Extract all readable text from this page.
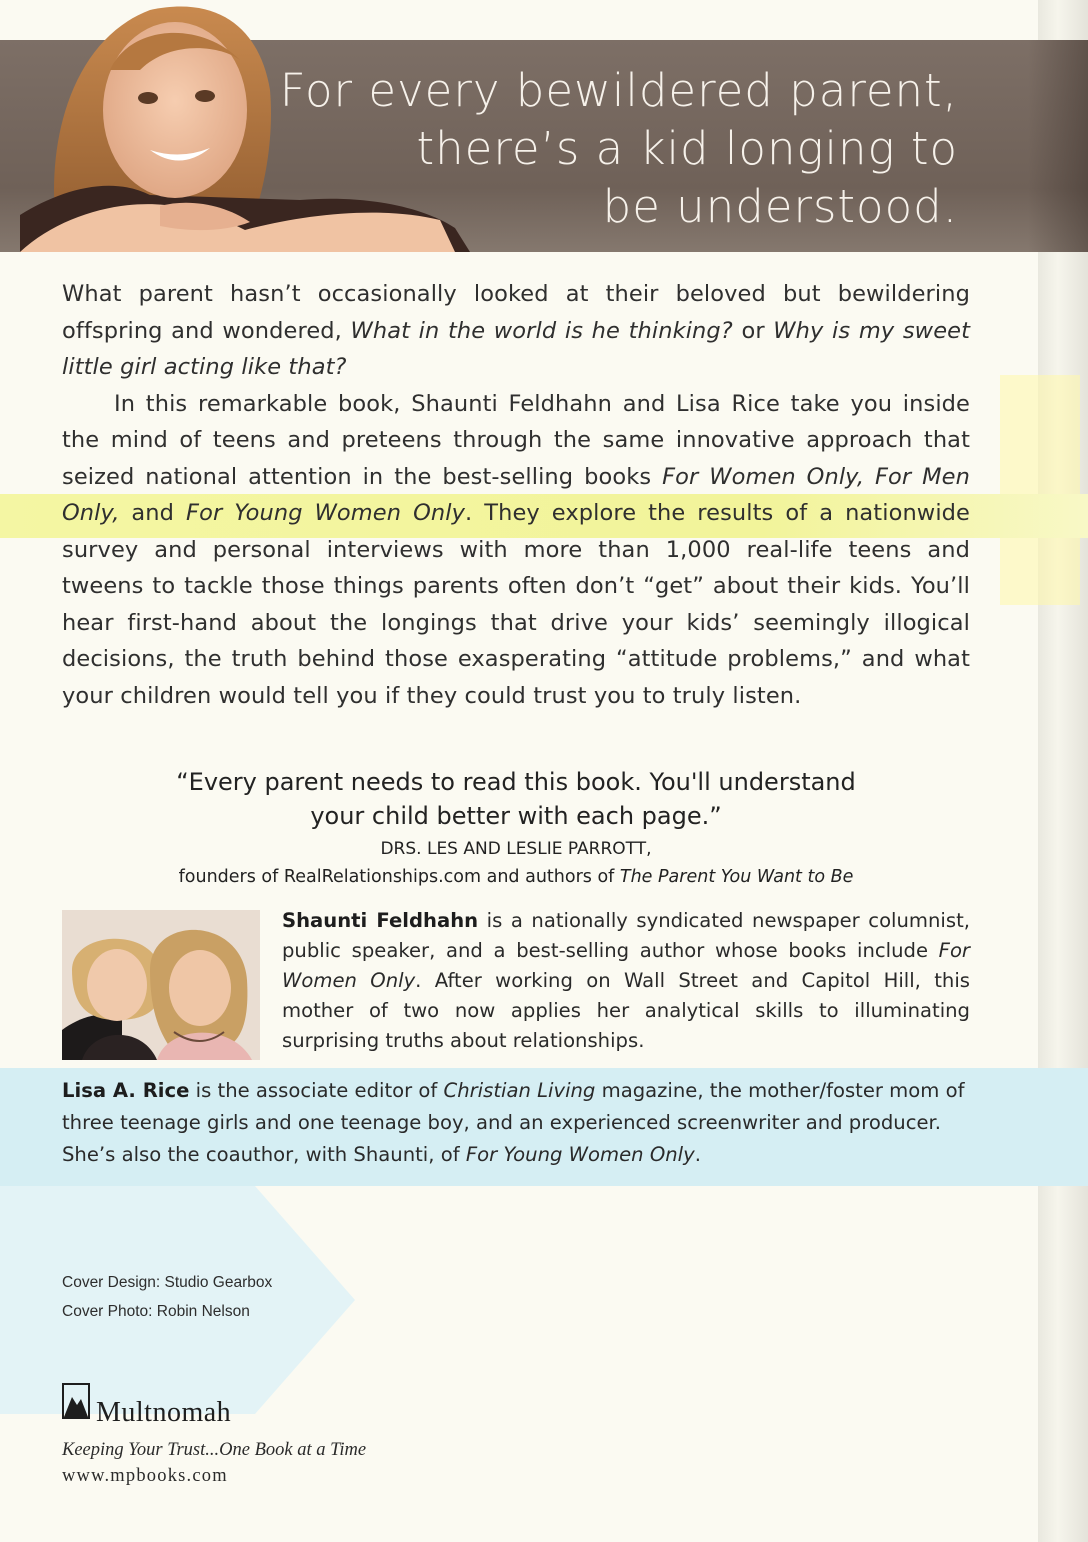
For every bewildered parent,
there’s a kid longing to
be understood.

What parent hasn’t occasionally looked at their beloved but bewildering offspring and wondered, What in the world is he thinking? or Why is my sweet little girl acting like that?

In this remarkable book, Shaunti Feldhahn and Lisa Rice take you inside the mind of teens and preteens through the same innovative approach that seized national attention in the best-selling books For Women Only, For Men Only, and For Young Women Only. They explore the results of a nationwide survey and personal interviews with more than 1,000 real-life teens and tweens to tackle those things parents often don’t “get” about their kids. You’ll hear first-hand about the longings that drive your kids’ seemingly illogical decisions, the truth behind those exasperating “attitude problems,” and what your children would tell you if they could trust you to truly listen.

“Every parent needs to read this book. You'll understand
your child better with each page.”
DRS. LES AND LESLIE PARROTT,
founders of RealRelationships.com and authors of The Parent You Want to Be
Shaunti Feldhahn is a nationally syndicated newspaper columnist, public speaker, and a best-selling author whose books include For Women Only. After working on Wall Street and Capitol Hill, this mother of two now applies her analytical skills to illuminating surprising truths about relationships.
Lisa A. Rice is the associate editor of Christian Living magazine, the mother/foster mom of three teenage girls and one teenage boy, and an experienced screenwriter and producer. She’s also the coauthor, with Shaunti, of For Young Women Only.
Cover Design: Studio Gearbox
Cover Photo: Robin Nelson
Multnomah
Keeping Your Trust...One Book at a Time
www.mpbooks.com
